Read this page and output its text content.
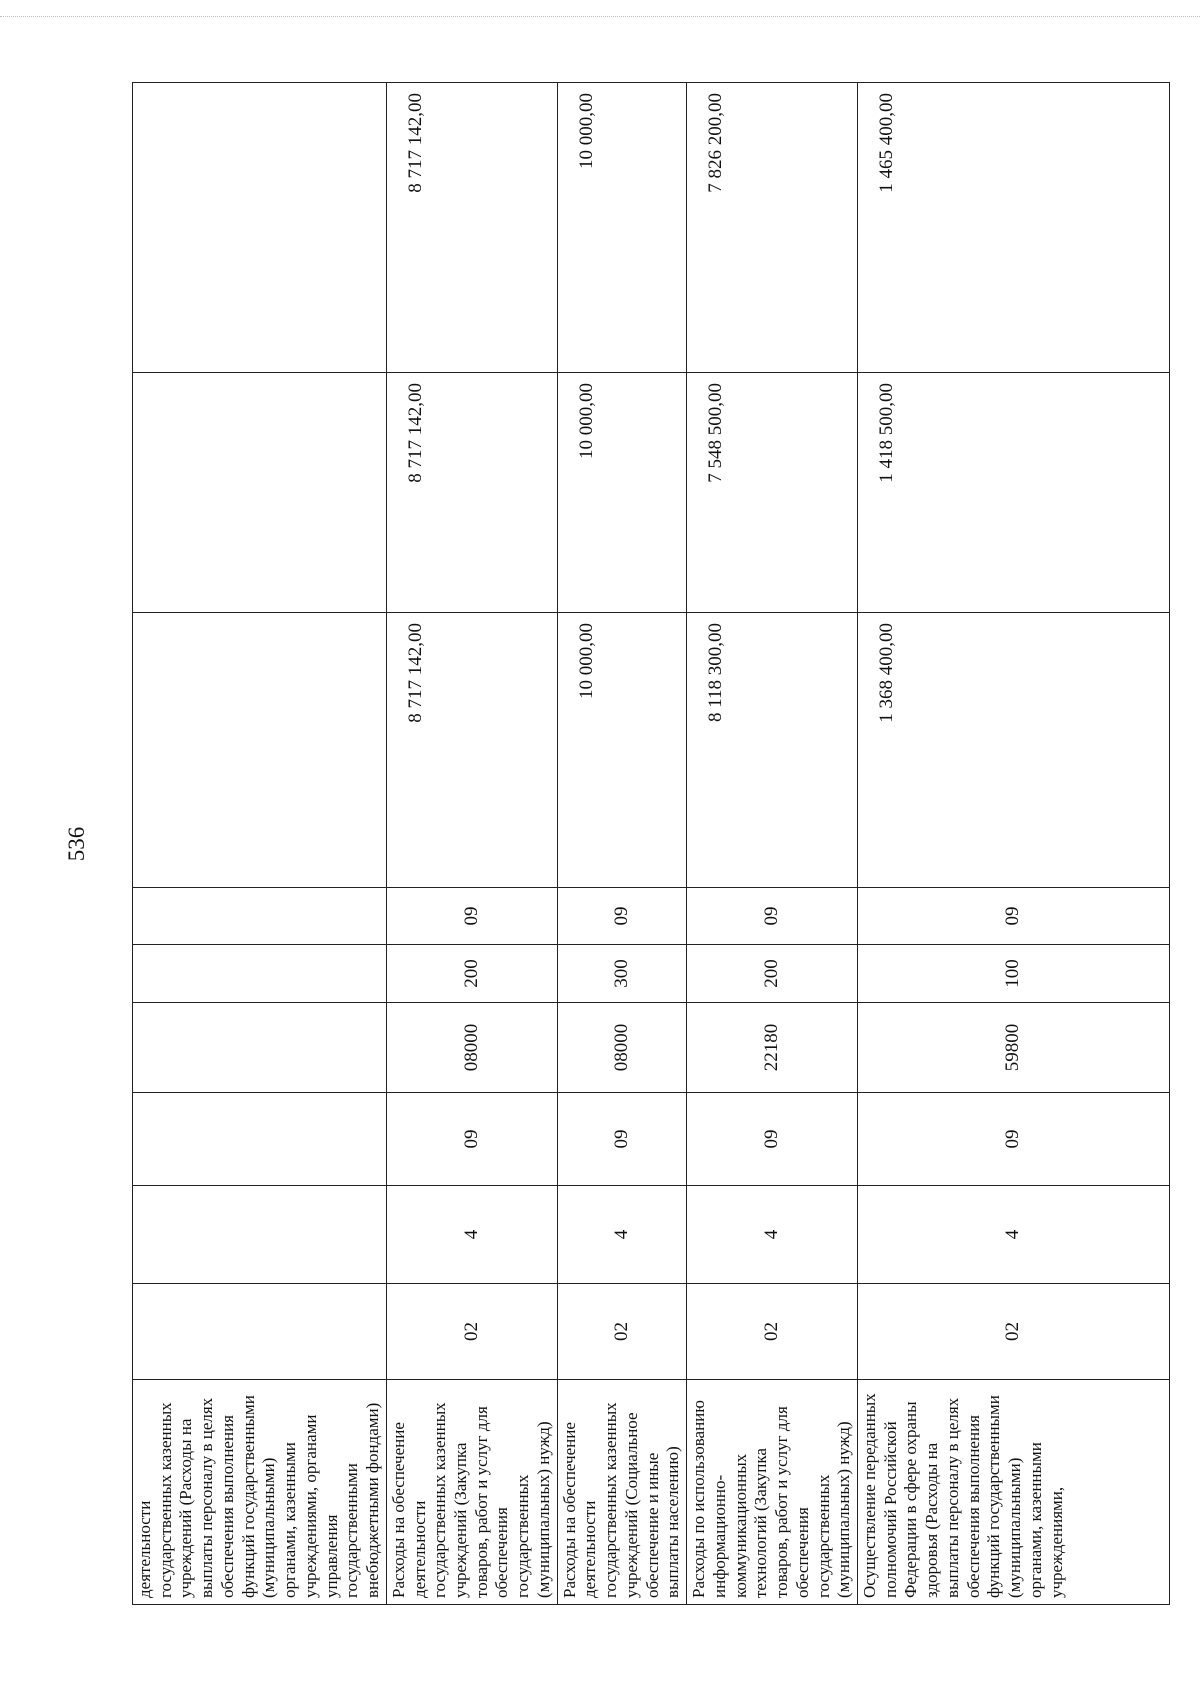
536
деятельности государственных казенных учреждений (Расходы на выплаты персоналу в целях обеспечения выполнения функций государственными (муниципальными) органами, казенными учреждениями, органами управления государственными внебюджетными фондами)									
Расходы на обеспечение деятельности государственных казенных учреждений (Закупка товаров, работ и услуг для обеспечения государственных (муниципальных) нужд)	02	4	09	08000	200	09	8 717 142,00	8 717 142,00	8 717 142,00
Расходы на обеспечение деятельности государственных казенных учреждений (Социальное обеспечение и иные выплаты населению)	02	4	09	08000	300	09	10 000,00	10 000,00	10 000,00
Расходы по использованию информационно-коммуникационных технологий (Закупка товаров, работ и услуг для обеспечения государственных (муниципальных) нужд)	02	4	09	22180	200	09	8 118 300,00	7 548 500,00	7 826 200,00
Осуществление переданных полномочий Российской Федерации в сфере охраны здоровья (Расходы на выплаты персоналу в целях обеспечения выполнения функций государственными (муниципальными) органами, казенными учреждениями,	02	4	09	59800	100	09	1 368 400,00	1 418 500,00	1 465 400,00
